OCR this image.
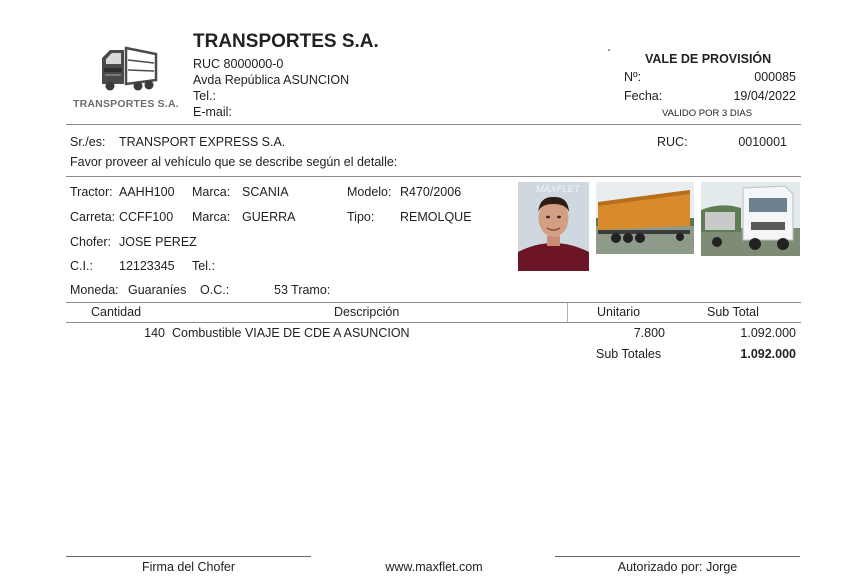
TRANSPORTES S.A.
TRANSPORTES S.A.
RUC 8000000-0
Avda República ASUNCION
Tel.:
E-mail:
VALE DE PROVISIÓN
Nº:	000085
Fecha:	19/04/2022
VALIDO POR 3 DIAS
Sr./es: TRANSPORT EXPRESS S.A.	RUC:	0010001
Favor proveer al vehículo que se describe según el detalle:
Tractor: AAHH100 Marca: SCANIA	Modelo: R470/2006
Carreta: CCFF100 Marca: GUERRA	Tipo: REMOLQUE
Chofer: JOSE PEREZ
C.I.: 12123345 Tel.:
Moneda: Guaraníes O.C.:	53 Tramo:
MAXFLET
Cantidad	Descripción	Unitario	Sub Total
140 Combustible VIAJE DE CDE A ASUNCION	7.800	1.092.000
Sub Totales	1.092.000
Firma del Chofer	www.maxflet.com	Autorizado por: Jorge
